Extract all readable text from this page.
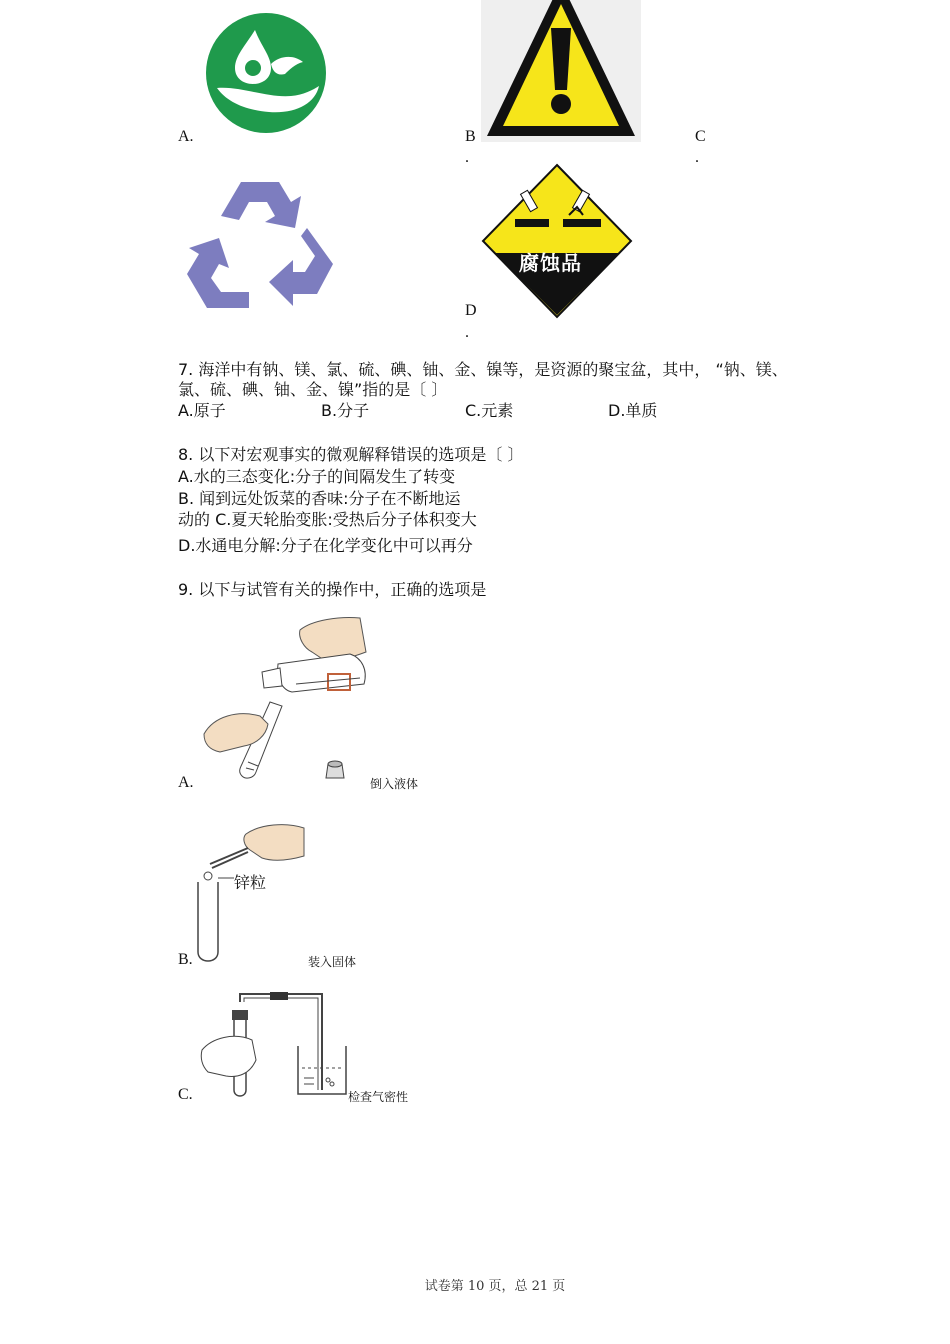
A.	B
.
C
.
腐蚀品
D
.
7. 海洋中有钠、镁、氯、硫、碘、铀、金、镍等，是资源的聚宝盆，其中， “钠、镁、
氯、硫、碘、铀、金、镍”指的是〔 〕
A.原子	B.分子	C.元素	D.单质
8. 以下对宏观事实的微观解释错误的选项是〔 〕
A.水的三态变化:分子的间隔发生了转变
B. 闻到远处饭菜的香味:分子在不断地运
动的 C.夏天轮胎变胀:受热后分子体积变大
D.水通电分解:分子在化学变化中可以再分
9. 以下与试管有关的操作中，正确的选项是
A.	倒入液体
锌粒
B.	装入固体
C.	检查气密性
试卷第 10 页，总 21 页
